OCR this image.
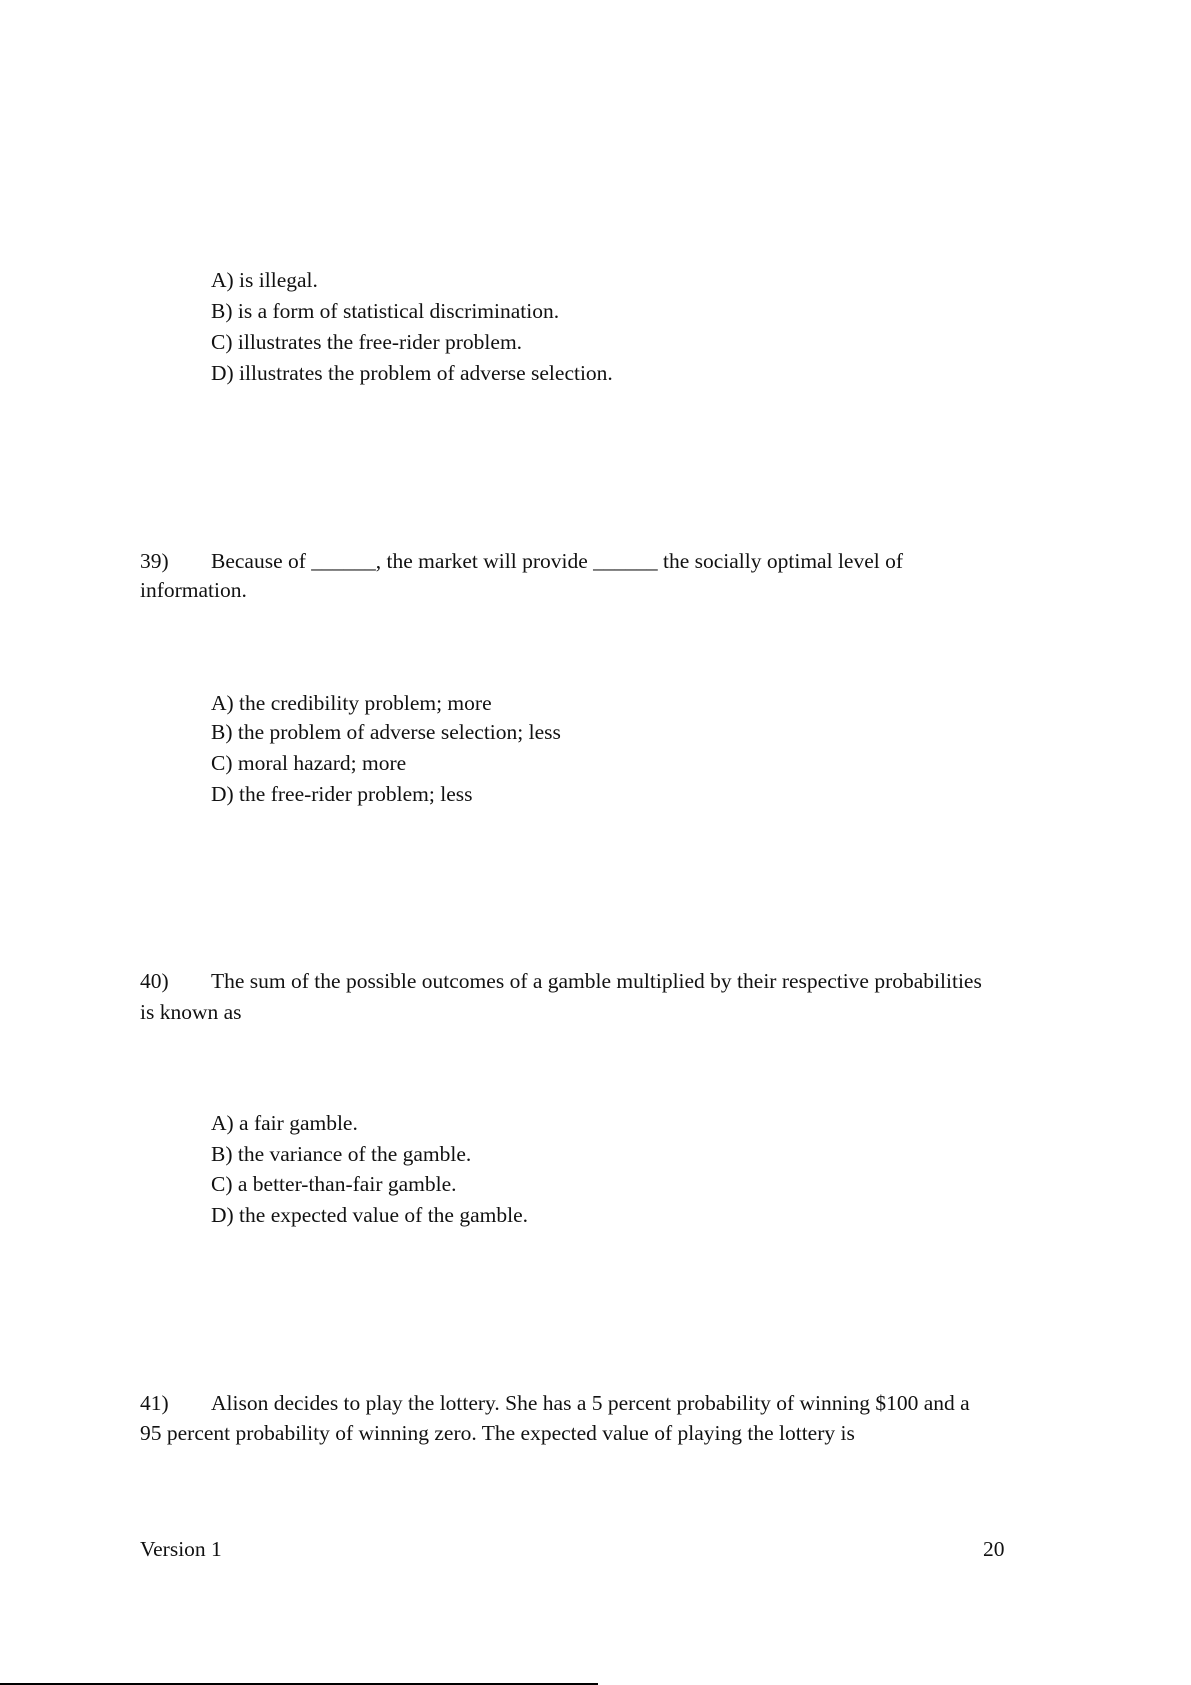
A) is illegal.
B) is a form of statistical discrimination.
C) illustrates the free-rider problem.
D) illustrates the problem of adverse selection.
39) Because of ______, the market will provide ______ the socially optimal level of
information.
A) the credibility problem; more
B) the problem of adverse selection; less
C) moral hazard; more
D) the free-rider problem; less
40) The sum of the possible outcomes of a gamble multiplied by their respective probabilities
is known as
A) a fair gamble.
B) the variance of the gamble.
C) a better-than-fair gamble.
D) the expected value of the gamble.
41) Alison decides to play the lottery. She has a 5 percent probability of winning $100 and a
95 percent probability of winning zero. The expected value of playing the lottery is
Version 1	20
